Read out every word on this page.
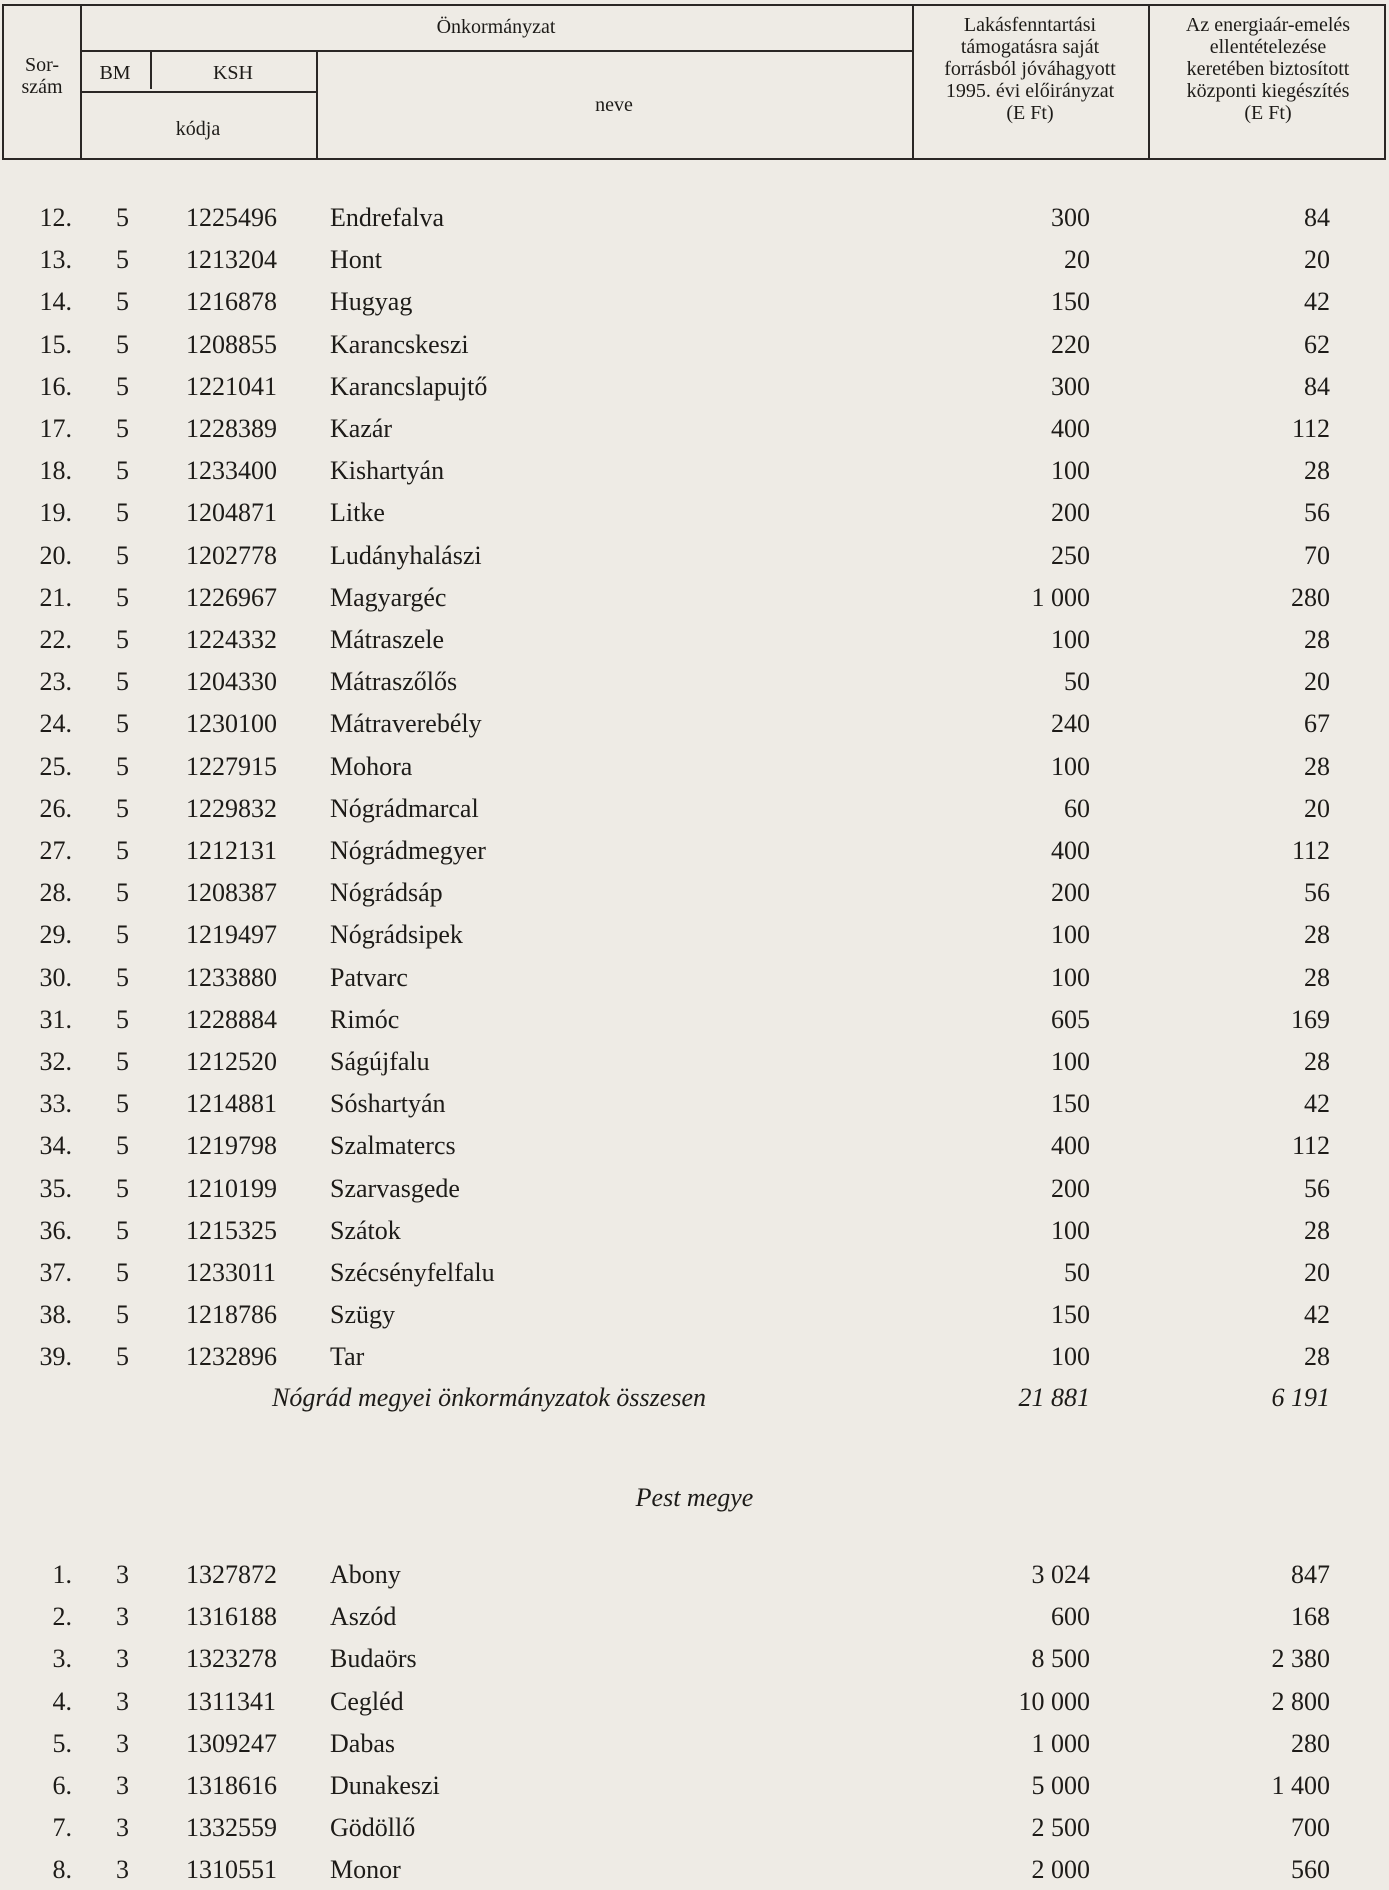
Sor-
szám
Önkormányzat
BM	KSH
kódja
neve
Lakásfenntartási
támogatásra saját
forrásból jóváhagyott
1995. évi előirányzat
(E Ft)
Az energiaár-emelés
ellentételezése
keretében biztosított
központi kiegészítés
(E Ft)
12. 5 1225496 Endrefalva	300	84
13. 5 1213204 Hont	20	20
14. 5 1216878 Hugyag	150	42
15. 5 1208855 Karancskeszi	220	62
16. 5 1221041 Karancslapujtő	300	84
17. 5 1228389 Kazár	400	112
18. 5 1233400 Kishartyán	100	28
19. 5 1204871 Litke	200	56
20. 5 1202778 Ludányhalászi	250	70
21. 5 1226967 Magyargéc	1 000	280
22. 5 1224332 Mátraszele	100	28
23. 5 1204330 Mátraszőlős	50	20
24. 5 1230100 Mátraverebély	240	67
25. 5 1227915 Mohora	100	28
26. 5 1229832 Nógrádmarcal	60	20
27. 5 1212131 Nógrádmegyer	400	112
28. 5 1208387 Nógrádsáp	200	56
29. 5 1219497 Nógrádsipek	100	28
30. 5 1233880 Patvarc	100	28
31. 5 1228884 Rimóc	605	169
32. 5 1212520 Ságújfalu	100	28
33. 5 1214881 Sóshartyán	150	42
34. 5 1219798 Szalmatercs	400	112
35. 5 1210199 Szarvasgede	200	56
36. 5 1215325 Szátok	100	28
37. 5 1233011 Szécsényfelfalu	50	20
38. 5 1218786 Szügy	150	42
39. 5 1232896 Tar	100	28
Nógrád megyei önkormányzatok összesen	21 881	6 191
Pest megye
1. 3 1327872 Abony	3 024	847
2. 3 1316188 Aszód	600	168
3. 3 1323278 Budaörs	8 500	2 380
4. 3 1311341 Cegléd	10 000	2 800
5. 3 1309247 Dabas	1 000	280
6. 3 1318616 Dunakeszi	5 000	1 400
7. 3 1332559 Gödöllő	2 500	700
8. 3 1310551 Monor	2 000	560
